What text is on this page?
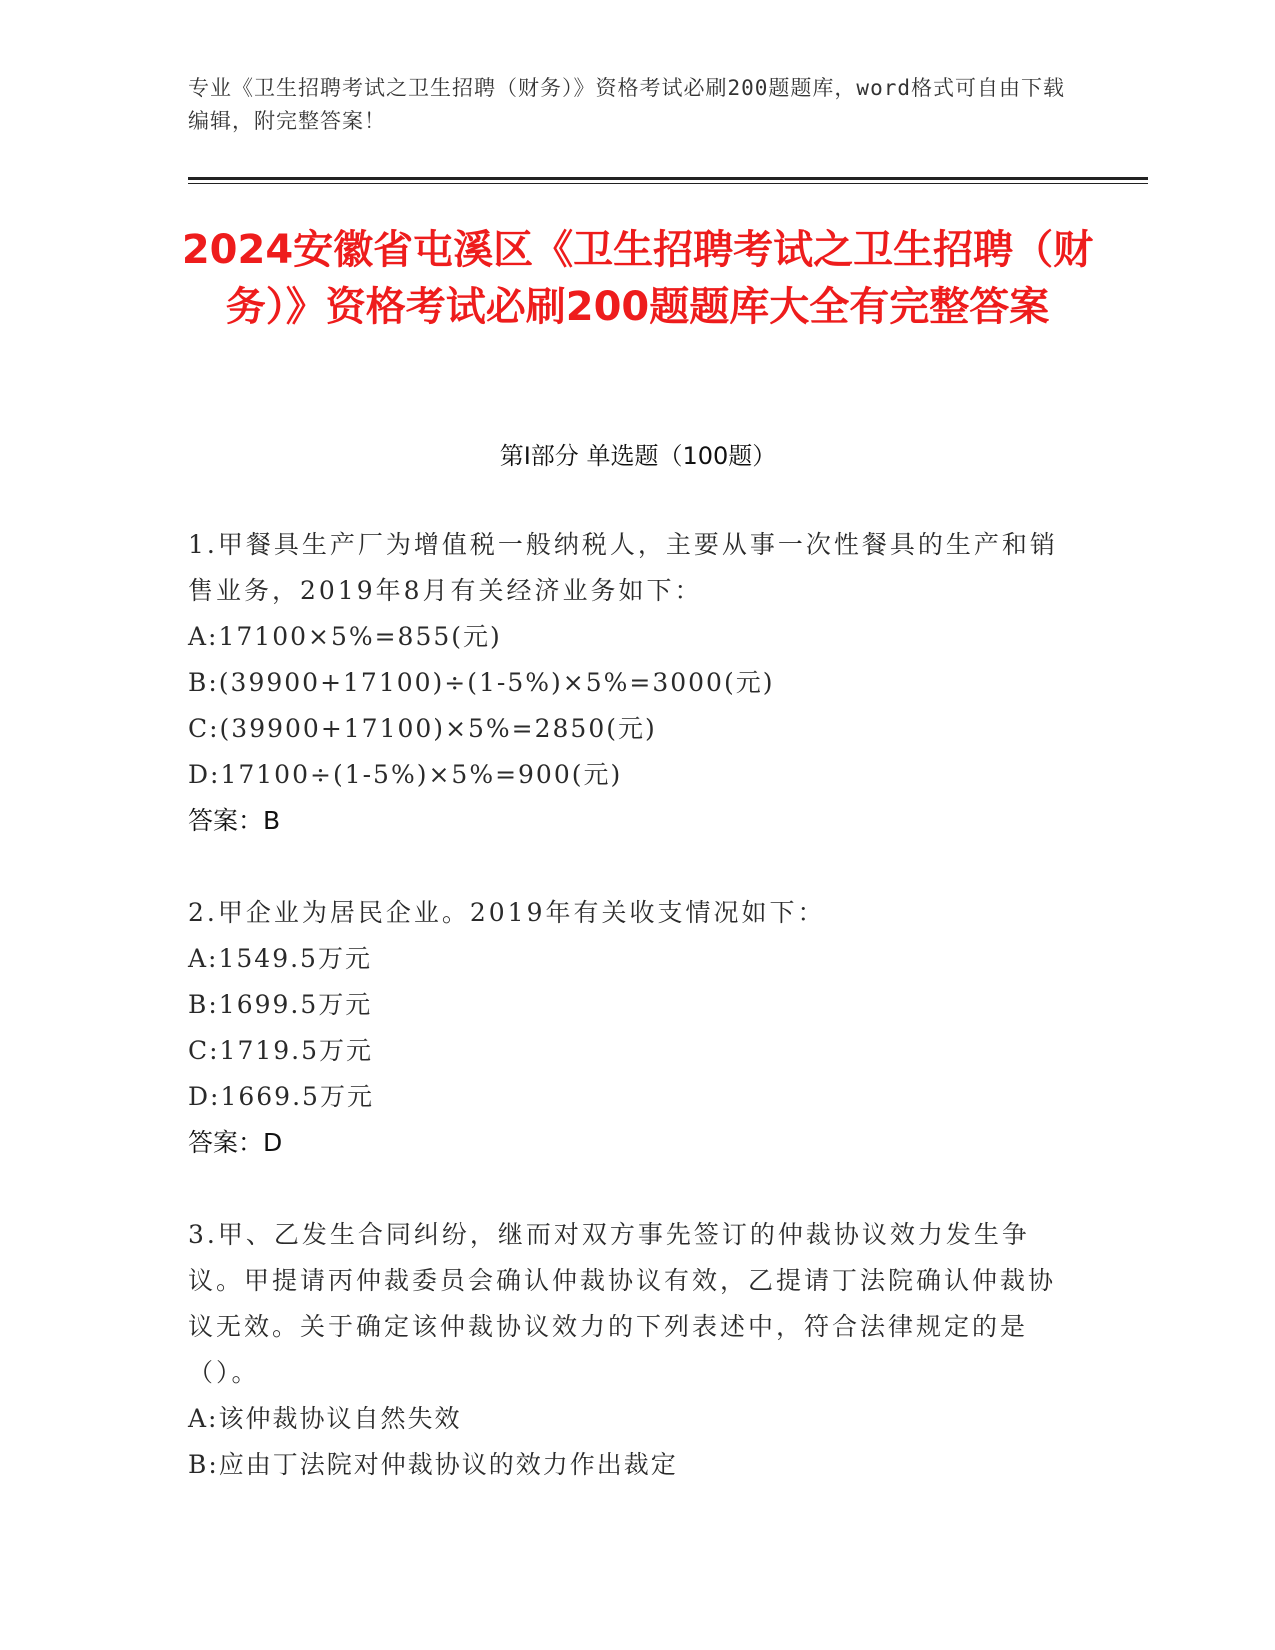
专业《卫生招聘考试之卫生招聘（财务）》资格考试必刷200题题库，word格式可自由下载编辑，附完整答案！
2024安徽省屯溪区《卫生招聘考试之卫生招聘（财务）》资格考试必刷200题题库大全有完整答案
第I部分 单选题（100题）
1.甲餐具生产厂为增值税一般纳税人，主要从事一次性餐具的生产和销售业务，2019年8月有关经济业务如下：
A:17100×5%=855(元)
B:(39900+17100)÷(1-5%)×5%=3000(元)
C:(39900+17100)×5%=2850(元)
D:17100÷(1-5%)×5%=900(元)
答案：B
2.甲企业为居民企业。2019年有关收支情况如下：
A:1549.5万元
B:1699.5万元
C:1719.5万元
D:1669.5万元
答案：D
3.甲、乙发生合同纠纷，继而对双方事先签订的仲裁协议效力发生争议。甲提请丙仲裁委员会确认仲裁协议有效，乙提请丁法院确认仲裁协议无效。关于确定该仲裁协议效力的下列表述中，符合法律规定的是（）。
A:该仲裁协议自然失效
B:应由丁法院对仲裁协议的效力作出裁定
